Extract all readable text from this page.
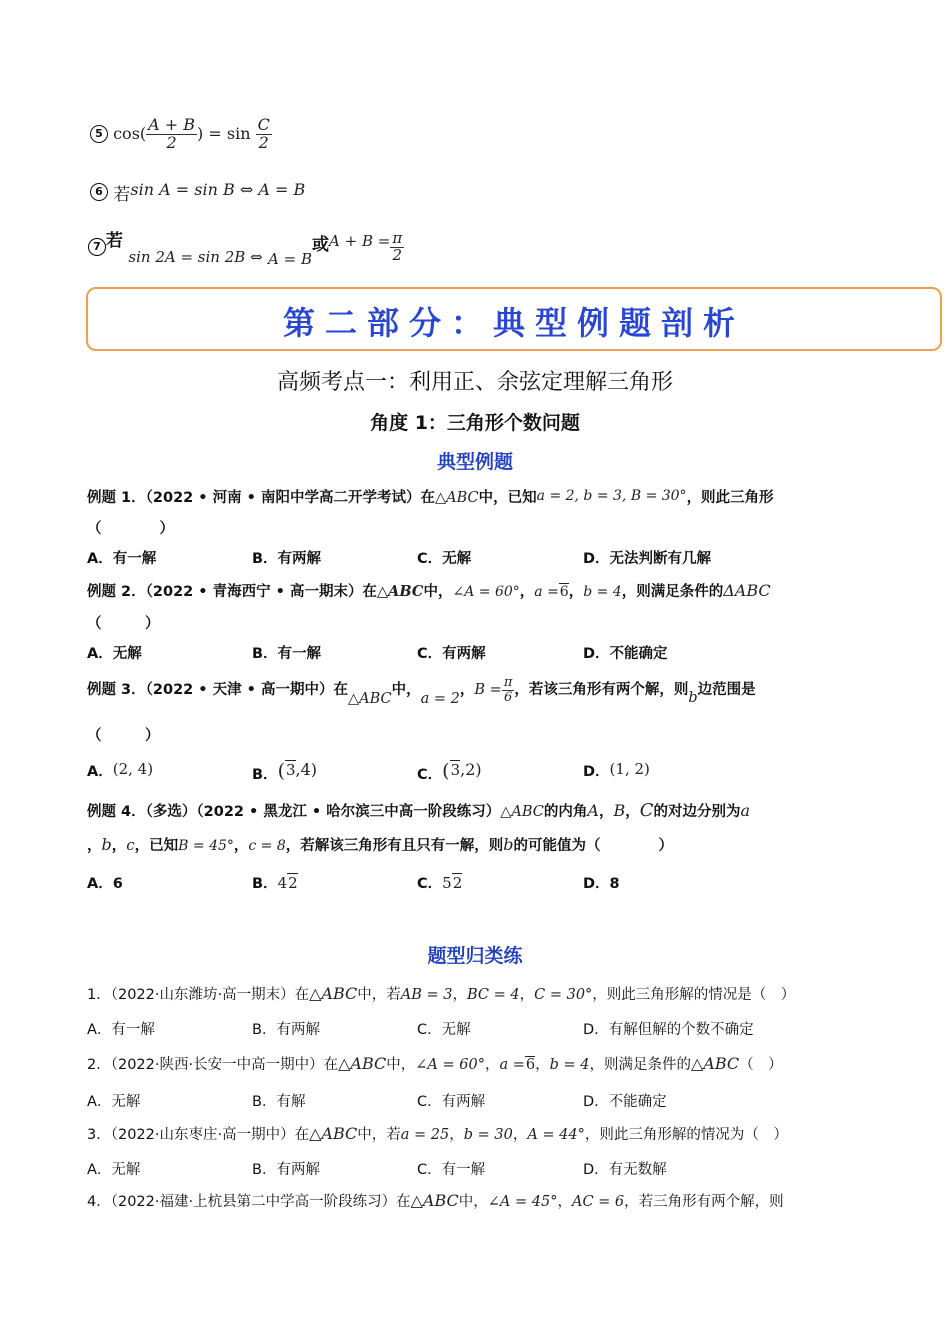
5 $\cos( \frac{A + B}{2}$ ) = $\sin \frac{C}{2}$
6 若sin A = sin B ⇔ A = B
7 若 sin 2A = sin 2B ⇔ A = B或$A + B = \frac{\pi}{2}$
第二部分：典型例题剖析
高频考点一：利用正、余弦定理解三角形
角度 1：三角形个数问题
典型例题
例题 1．（2022 • 河南 • 南阳中学高二开学考试）在△ABC中，已知a = 2, b = 3, B = 30°，则此三角形
（　　　　）
A．有一解	B．有两解	C．无解	D．无法判断有几解
例题 2．（2022 • 青海西宁 • 高一期末）在△ABC中，∠A = 60°，a =6，b = 4，则满足条件的ΔABC
（　　　）
A．无解	B．有一解	C．有两解	D．不能确定
例题 3．（2022 • 天津 • 高一期中）在△ABC中，a = 2，$B = \frac{\pi}{6}$ ，若该三角形有两个解，则b边范围是
（　　　）
A．(2, 4)	B．(3,4)	C．(3,2)	D．(1, 2)
例题 4．（多选）（2022 • 黑龙江 • 哈尔滨三中高一阶段练习）△ABC的内角A，B，C的对边分别为a
，b，c，已知B = 45°，c = 8，若解该三角形有且只有一解，则b的可能值为（　　　　）
A．6	B．42	C．52	D．8
题型归类练
1．（2022·山东潍坊·高一期末）在△ABC中，若AB = 3，BC = 4，C = 30°，则此三角形解的情况是（　）
A．有一解	B．有两解	C．无解	D．有解但解的个数不确定
2．（2022·陕西·长安一中高一期中）在△ABC中，∠A = 60°，a =6，b = 4，则满足条件的△ABC（　）
A．无解	B．有解	C．有两解	D．不能确定
3．（2022·山东枣庄·高一期中）在△ABC中，若a = 25，b = 30，A = 44°，则此三角形解的情况为（　）
A．无解	B．有两解	C．有一解	D．有无数解
4．（2022·福建·上杭县第二中学高一阶段练习）在△ABC中，∠A = 45°，AC = 6，若三角形有两个解，则
